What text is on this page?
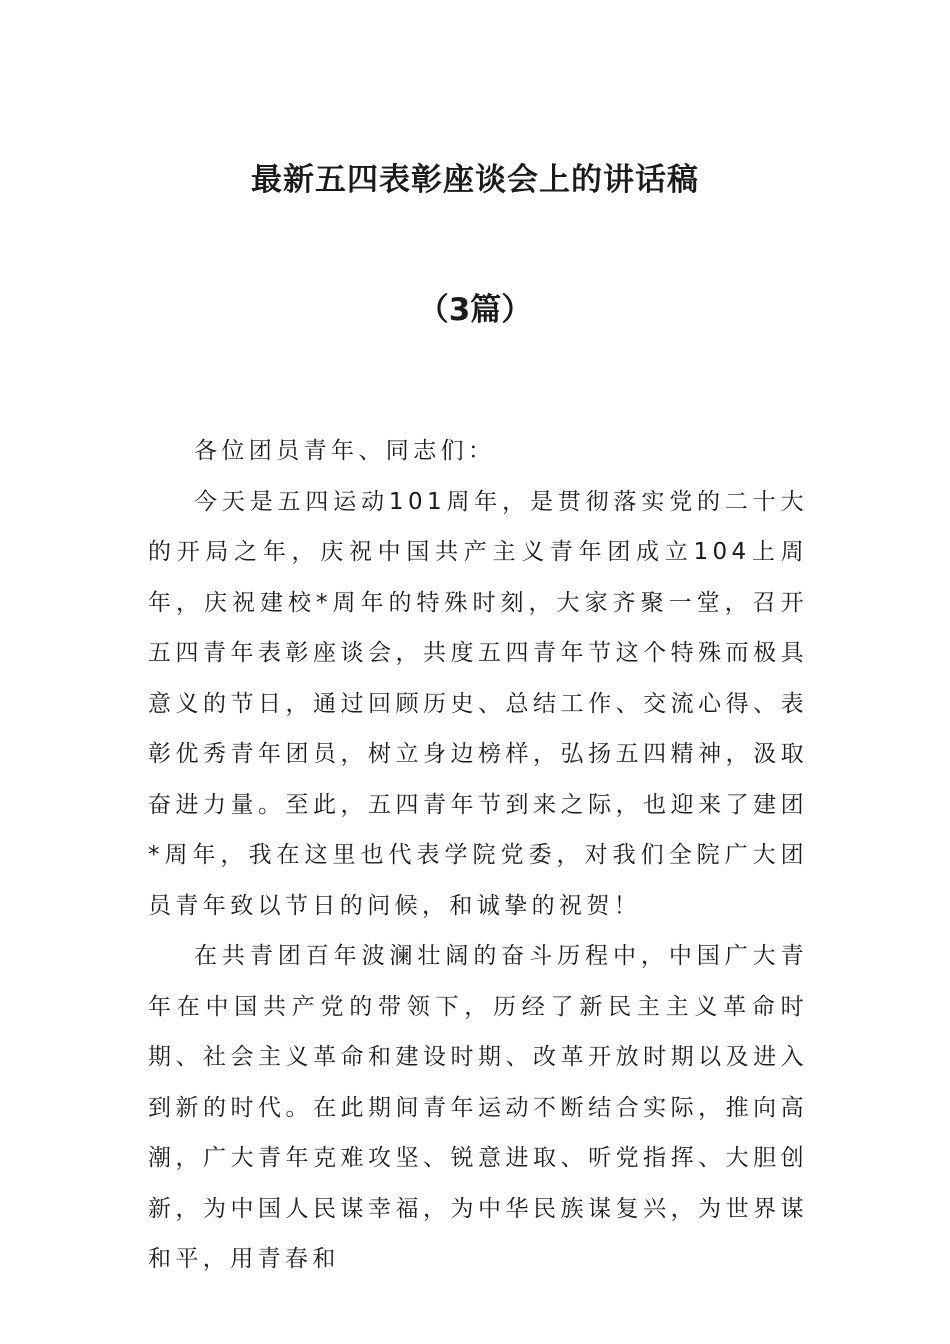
最新五四表彰座谈会上的讲话稿
（3篇）

各位团员青年、同志们：

今天是五四运动101周年，是贯彻落实党的二十大的开局之年，庆祝中国共产主义青年团成立104上周年，庆祝建校*周年的特殊时刻，大家齐聚一堂，召开五四青年表彰座谈会，共度五四青年节这个特殊而极具意义的节日，通过回顾历史、总结工作、交流心得、表彰优秀青年团员，树立身边榜样，弘扬五四精神，汲取奋进力量。至此，五四青年节到来之际，也迎来了建团*周年，我在这里也代表学院党委，对我们全院广大团员青年致以节日的问候，和诚挚的祝贺！

在共青团百年波澜壮阔的奋斗历程中，中国广大青年在中国共产党的带领下，历经了新民主主义革命时期、社会主义革命和建设时期、改革开放时期以及进入到新的时代。在此期间青年运动不断结合实际，推向高潮，广大青年克难攻坚、锐意进取、听党指挥、大胆创新，为中国人民谋幸福，为中华民族谋复兴，为世界谋和平，用青春和
